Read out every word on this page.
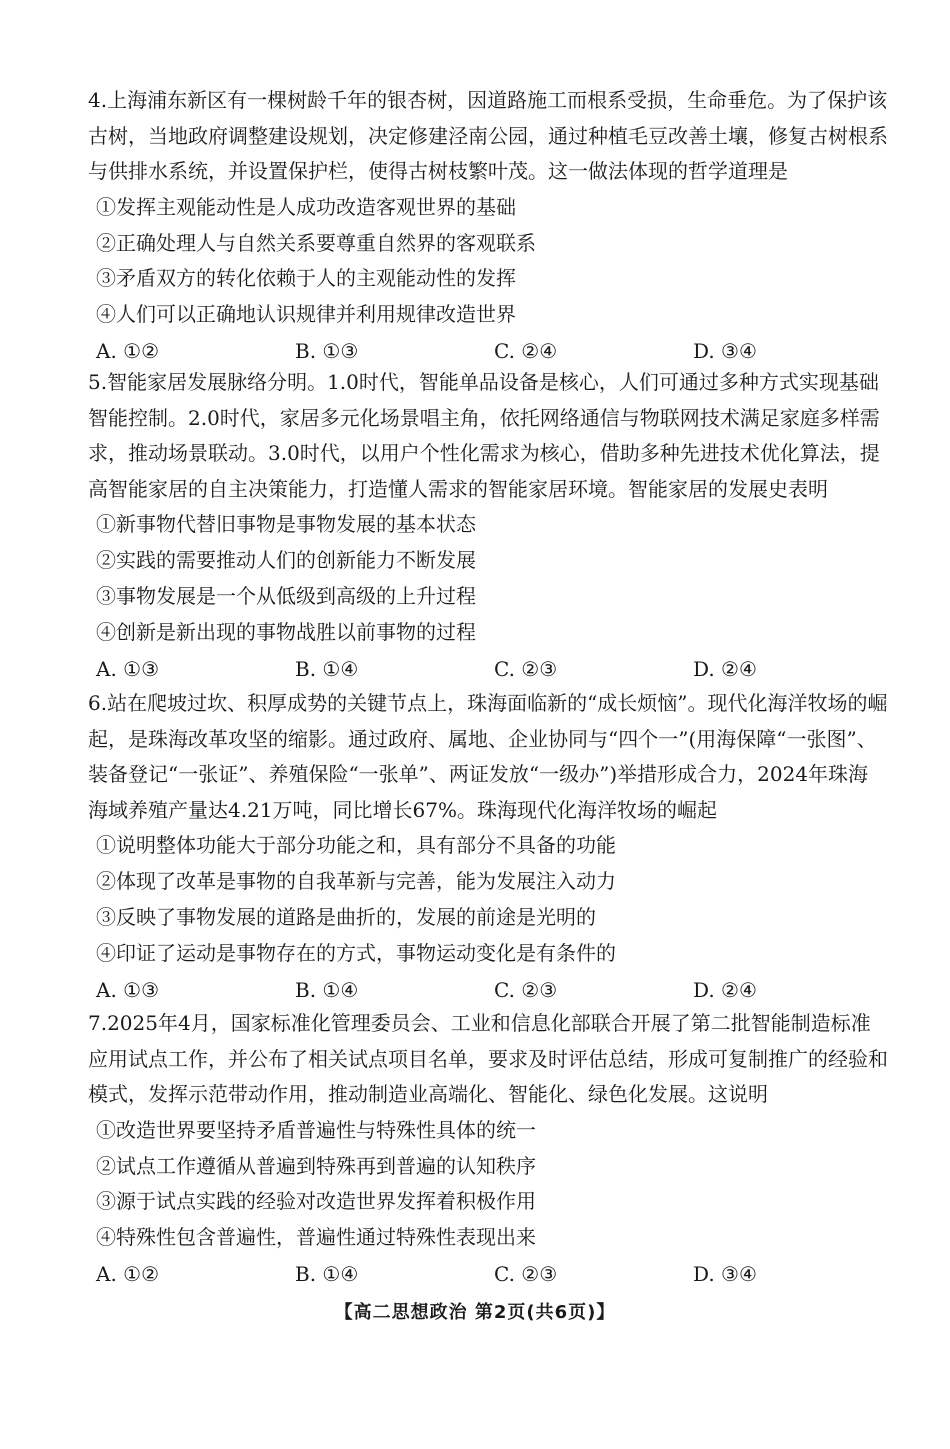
4.上海浦东新区有一棵树龄千年的银杏树，因道路施工而根系受损，生命垂危。为了保护该古树，当地政府调整建设规划，决定修建泾南公园，通过种植毛豆改善土壤，修复古树根系与供排水系统，并设置保护栏，使得古树枝繁叶茂。这一做法体现的哲学道理是

①发挥主观能动性是人成功改造客观世界的基础

②正确处理人与自然关系要尊重自然界的客观联系

③矛盾双方的转化依赖于人的主观能动性的发挥

④人们可以正确地认识规律并利用规律改造世界

A. ①②	B. ①③	C. ②④	D. ③④

5.智能家居发展脉络分明。1.0时代，智能单品设备是核心，人们可通过多种方式实现基础智能控制。2.0时代，家居多元化场景唱主角，依托网络通信与物联网技术满足家庭多样需求，推动场景联动。3.0时代，以用户个性化需求为核心，借助多种先进技术优化算法，提高智能家居的自主决策能力，打造懂人需求的智能家居环境。智能家居的发展史表明

①新事物代替旧事物是事物发展的基本状态

②实践的需要推动人们的创新能力不断发展

③事物发展是一个从低级到高级的上升过程

④创新是新出现的事物战胜以前事物的过程

A. ①③	B. ①④	C. ②③	D. ②④

6.站在爬坡过坎、积厚成势的关键节点上，珠海面临新的“成长烦恼”。现代化海洋牧场的崛起，是珠海改革攻坚的缩影。通过政府、属地、企业协同与“四个一”(用海保障“一张图”、装备登记“一张证”、养殖保险“一张单”、两证发放“一级办”)举措形成合力，2024年珠海海域养殖产量达4.21万吨，同比增长67%。珠海现代化海洋牧场的崛起

①说明整体功能大于部分功能之和，具有部分不具备的功能

②体现了改革是事物的自我革新与完善，能为发展注入动力

③反映了事物发展的道路是曲折的，发展的前途是光明的

④印证了运动是事物存在的方式，事物运动变化是有条件的

A. ①③	B. ①④	C. ②③	D. ②④

7.2025年4月，国家标准化管理委员会、工业和信息化部联合开展了第二批智能制造标准应用试点工作，并公布了相关试点项目名单，要求及时评估总结，形成可复制推广的经验和模式，发挥示范带动作用，推动制造业高端化、智能化、绿色化发展。这说明

①改造世界要坚持矛盾普遍性与特殊性具体的统一

②试点工作遵循从普遍到特殊再到普遍的认知秩序

③源于试点实践的经验对改造世界发挥着积极作用

④特殊性包含普遍性，普遍性通过特殊性表现出来

A. ①②	B. ①④	C. ②③	D. ③④
【高二思想政治 第2页(共6页)】
